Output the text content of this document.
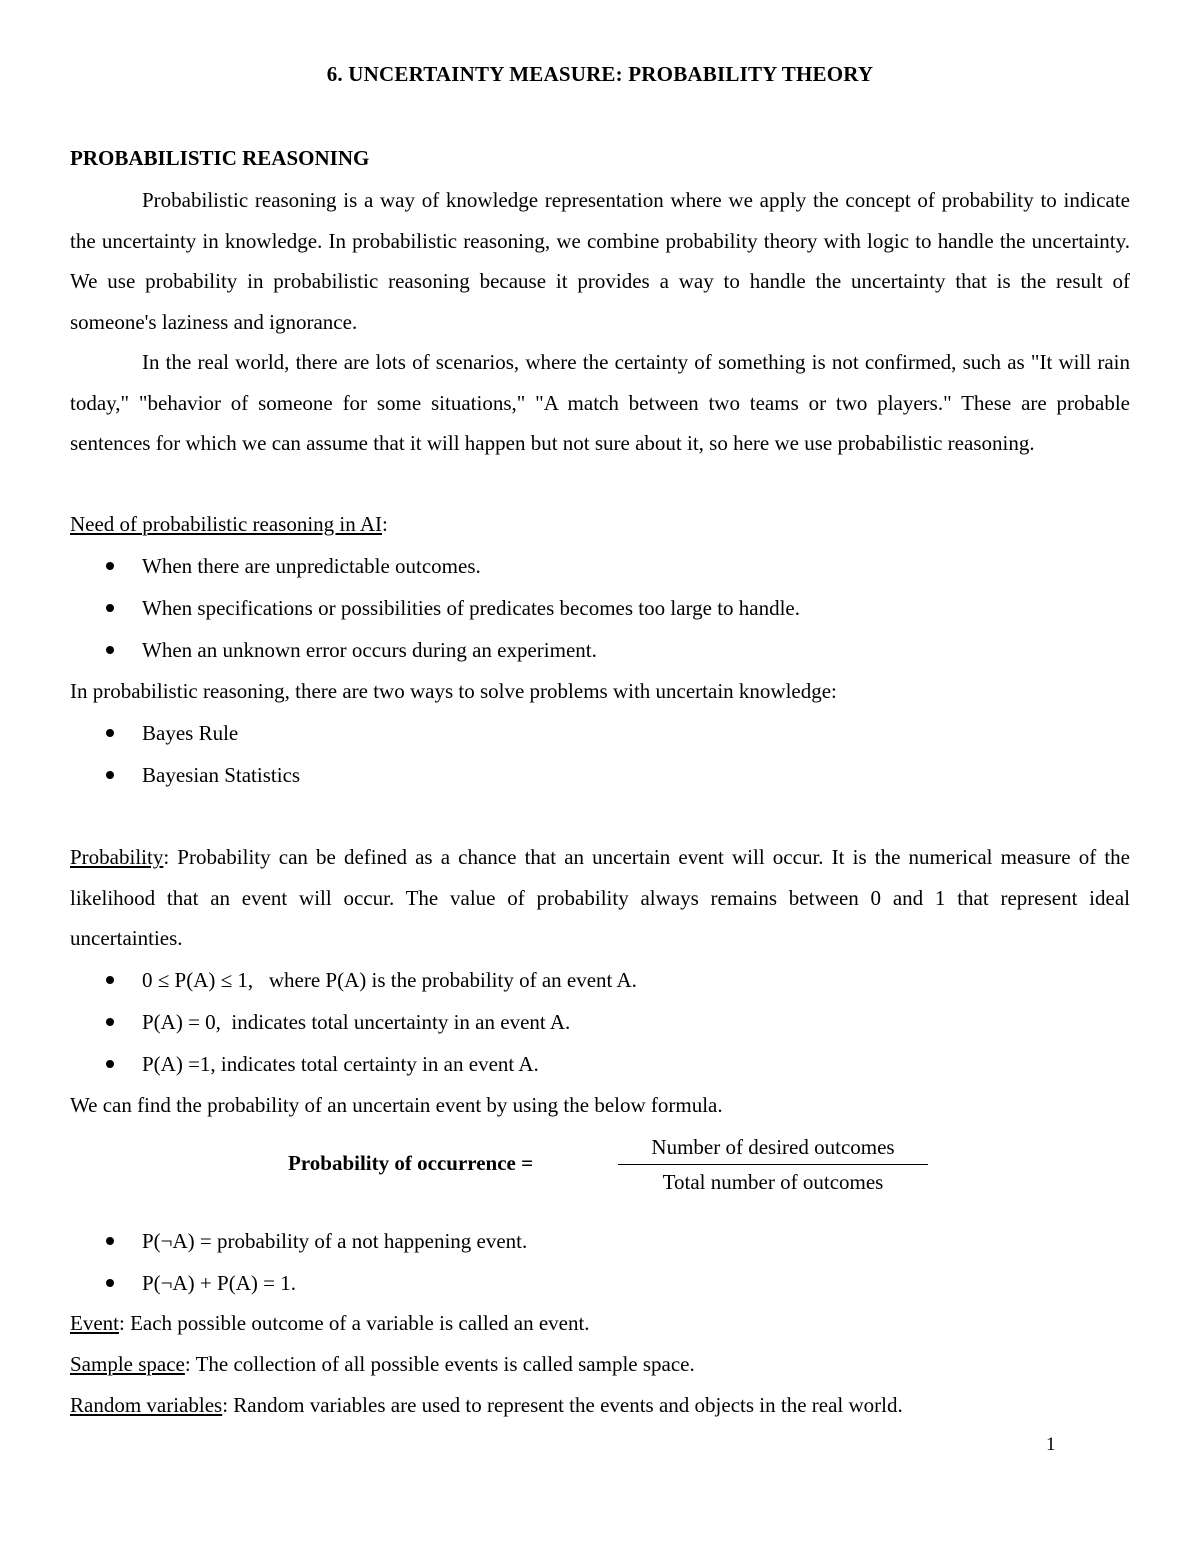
6. UNCERTAINTY MEASURE: PROBABILITY THEORY
PROBABILISTIC REASONING

Probabilistic reasoning is a way of knowledge representation where we apply the concept of probability to indicate the uncertainty in knowledge. In probabilistic reasoning, we combine probability theory with logic to handle the uncertainty. We use probability in probabilistic reasoning because it provides a way to handle the uncertainty that is the result of someone's laziness and ignorance.

In the real world, there are lots of scenarios, where the certainty of something is not confirmed, such as "It will rain today," "behavior of someone for some situations," "A match between two teams or two players." These are probable sentences for which we can assume that it will happen but not sure about it, so here we use probabilistic reasoning.

Need of probabilistic reasoning in AI:

When there are unpredictable outcomes.
When specifications or possibilities of predicates becomes too large to handle.
When an unknown error occurs during an experiment.

In probabilistic reasoning, there are two ways to solve problems with uncertain knowledge:

Bayes Rule
Bayesian Statistics

Probability: Probability can be defined as a chance that an uncertain event will occur. It is the numerical measure of the likelihood that an event will occur. The value of probability always remains between 0 and 1 that represent ideal uncertainties.

0 ≤ P(A) ≤ 1,   where P(A) is the probability of an event A.
P(A) = 0,  indicates total uncertainty in an event A.
P(A) =1, indicates total certainty in an event A.

We can find the probability of an uncertain event by using the below formula.

Probability of occurrence =
Number of desired outcomes
Total number of outcomes
P(¬A) = probability of a not happening event.
P(¬A) + P(A) = 1.

Event: Each possible outcome of a variable is called an event.

Sample space: The collection of all possible events is called sample space.

Random variables: Random variables are used to represent the events and objects in the real world.

1
